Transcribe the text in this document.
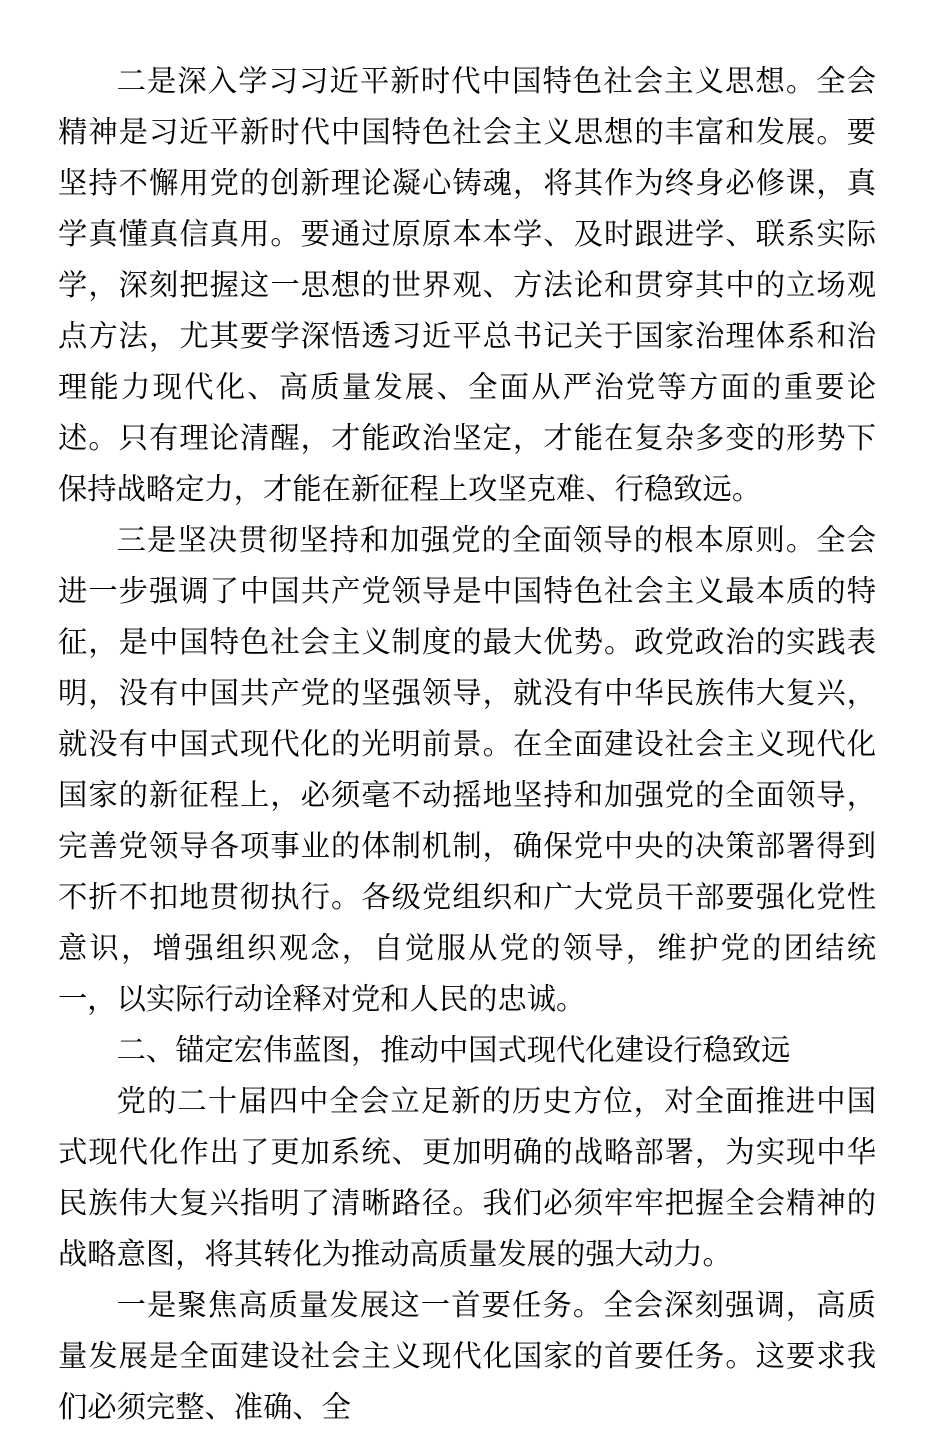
二是深入学习习近平新时代中国特色社会主义思想。全会精神是习近平新时代中国特色社会主义思想的丰富和发展。要坚持不懈用党的创新理论凝心铸魂，将其作为终身必修课，真学真懂真信真用。要通过原原本本学、及时跟进学、联系实际学，深刻把握这一思想的世界观、方法论和贯穿其中的立场观点方法，尤其要学深悟透习近平总书记关于国家治理体系和治理能力现代化、高质量发展、全面从严治党等方面的重要论述。只有理论清醒，才能政治坚定，才能在复杂多变的形势下保持战略定力，才能在新征程上攻坚克难、行稳致远。

三是坚决贯彻坚持和加强党的全面领导的根本原则。全会进一步强调了中国共产党领导是中国特色社会主义最本质的特征，是中国特色社会主义制度的最大优势。政党政治的实践表明，没有中国共产党的坚强领导，就没有中华民族伟大复兴，就没有中国式现代化的光明前景。在全面建设社会主义现代化国家的新征程上，必须毫不动摇地坚持和加强党的全面领导，完善党领导各项事业的体制机制，确保党中央的决策部署得到不折不扣地贯彻执行。各级党组织和广大党员干部要强化党性意识，增强组织观念，自觉服从党的领导，维护党的团结统一，以实际行动诠释对党和人民的忠诚。

二、锚定宏伟蓝图，推动中国式现代化建设行稳致远

党的二十届四中全会立足新的历史方位，对全面推进中国式现代化作出了更加系统、更加明确的战略部署，为实现中华民族伟大复兴指明了清晰路径。我们必须牢牢把握全会精神的战略意图，将其转化为推动高质量发展的强大动力。

一是聚焦高质量发展这一首要任务。全会深刻强调，高质量发展是全面建设社会主义现代化国家的首要任务。这要求我们必须完整、准确、全
